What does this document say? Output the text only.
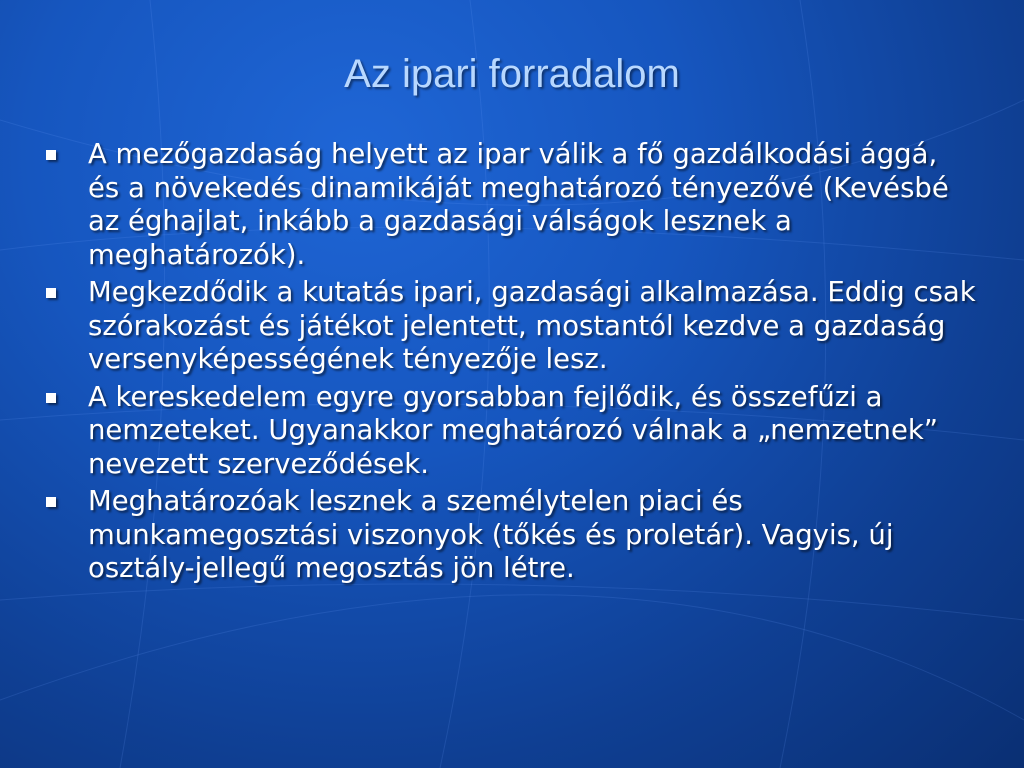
Az ipari forradalom
A mezőgazdaság helyett az ipar válik a fő gazdálkodási ággá, és a növekedés dinamikáját meghatározó tényezővé (Kevésbé az éghajlat, inkább a gazdasági válságok lesznek a meghatározók).
Megkezdődik a kutatás ipari, gazdasági alkalmazása. Eddig csak szórakozást és játékot jelentett, mostantól kezdve a gazdaság versenyképességének tényezője lesz.
A kereskedelem egyre gyorsabban fejlődik, és összefűzi a nemzeteket. Ugyanakkor meghatározó válnak a „nemzetnek” nevezett szerveződések.
Meghatározóak lesznek a személytelen piaci és munkamegosztási viszonyok (tőkés és proletár). Vagyis, új osztály-jellegű megosztás jön létre.
